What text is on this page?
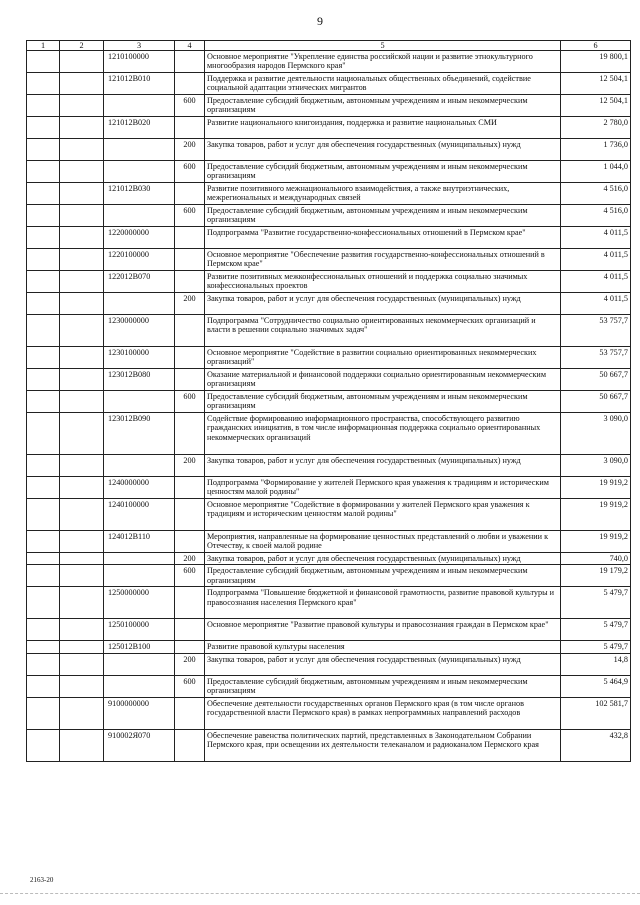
9
1	2	3	4	5	6
		1210100000		Основное мероприятие "Укрепление единства российской нации и развитие этнокультурного многообразия народов Пермского края"	19 800,1
		121012В010		Поддержка и развитие деятельности национальных общественных объединений, содействие социальной адаптации этнических мигрантов	12 504,1
			600	Предоставление субсидий бюджетным, автономным учреждениям и иным некоммерческим организациям	12 504,1
		121012В020		Развитие национального книгоиздания, поддержка и развитие национальных СМИ	2 780,0
			200	Закупка товаров, работ и услуг для обеспечения государственных (муниципальных) нужд	1 736,0
			600	Предоставление субсидий бюджетным, автономным учреждениям и иным некоммерческим организациям	1 044,0
		121012В030		Развитие позитивного межнационального взаимодействия, а также внутриэтнических, межрегиональных и международных связей	4 516,0
			600	Предоставление субсидий бюджетным, автономным учреждениям и иным некоммерческим организациям	4 516,0
		1220000000		Подпрограмма "Развитие государственно-конфессиональных отношений в Пермском крае"	4 011,5
		1220100000		Основное мероприятие "Обеспечение развития государственно-конфессиональных отношений в Пермском крае"	4 011,5
		122012В070		Развитие позитивных межконфессиональных отношений и поддержка социально значимых конфессиональных проектов	4 011,5
			200	Закупка товаров, работ и услуг для обеспечения государственных (муниципальных) нужд	4 011,5
		1230000000		Подпрограмма "Сотрудничество социально ориентированных некоммерческих организаций и власти в решении социально значимых задач"	53 757,7
		1230100000		Основное мероприятие "Содействие в развитии социально ориентированных некоммерческих организаций"	53 757,7
		123012В080		Оказание материальной и финансовой поддержки социально ориентированным некоммерческим организациям	50 667,7
			600	Предоставление субсидий бюджетным, автономным учреждениям и иным некоммерческим организациям	50 667,7
		123012В090		Содействие формированию информационного пространства, способствующего развитию гражданских инициатив, в том числе информационная поддержка социально ориентированных некоммерческих организаций	3 090,0
			200	Закупка товаров, работ и услуг для обеспечения государственных (муниципальных) нужд	3 090,0
		1240000000		Подпрограмма "Формирование у жителей Пермского края уважения к традициям и историческим ценностям малой родины"	19 919,2
		1240100000		Основное мероприятие "Содействие в формировании у жителей Пермского края уважения к традициям и историческим ценностям малой родины"	19 919,2
		124012В110		Мероприятия, направленные на формирование ценностных представлений о любви и уважении к Отечеству, к своей малой родине	19 919,2
			200	Закупка товаров, работ и услуг для обеспечения государственных (муниципальных) нужд	740,0
			600	Предоставление субсидий бюджетным, автономным учреждениям и иным некоммерческим организациям	19 179,2
		1250000000		Подпрограмма "Повышение бюджетной и финансовой грамотности, развитие правовой культуры и правосознания населения Пермского края"	5 479,7
		1250100000		Основное мероприятие "Развитие правовой культуры и правосознания граждан в Пермском крае"	5 479,7
		125012В100		Развитие правовой культуры населения	5 479,7
			200	Закупка товаров, работ и услуг для обеспечения государственных (муниципальных) нужд	14,8
			600	Предоставление субсидий бюджетным, автономным учреждениям и иным некоммерческим организациям	5 464,9
		9100000000		Обеспечение деятельности государственных органов Пермского края (в том числе органов государственной власти Пермского края) в рамках непрограммных направлений расходов	102 581,7
		910002Я070		Обеспечение равенства политических партий, представленных в Законодательном Собрании Пермского края, при освещении их деятельности телеканалом и радиоканалом Пермского края	432,8
2163-20
